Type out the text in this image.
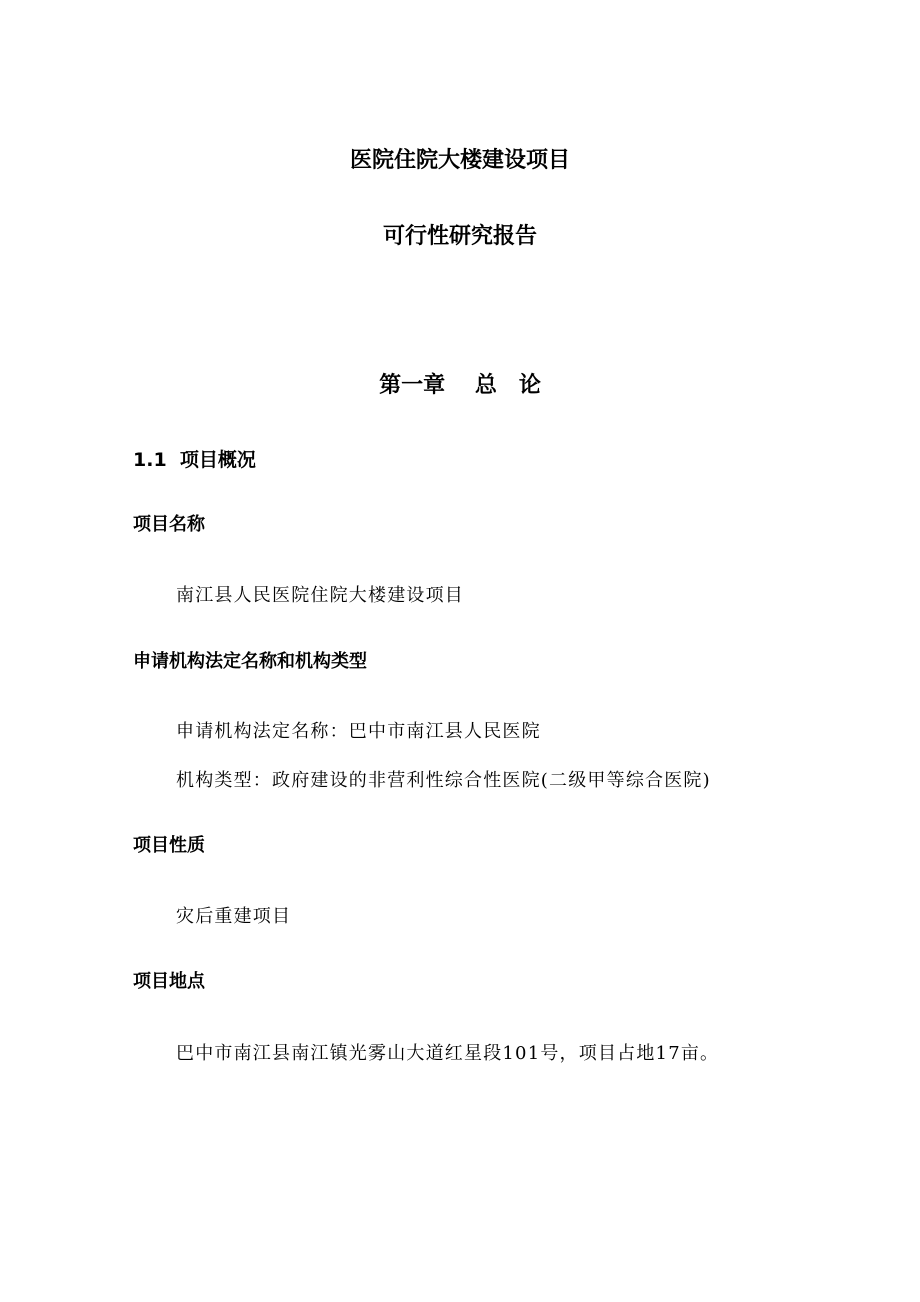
医院住院大楼建设项目
可行性研究报告
第一章　 总　论
1.1  项目概况
项目名称
南江县人民医院住院大楼建设项目
申请机构法定名称和机构类型
申请机构法定名称：巴中市南江县人民医院
机构类型：政府建设的非营利性综合性医院(二级甲等综合医院)
项目性质
灾后重建项目
项目地点
巴中市南江县南江镇光雾山大道红星段101号，项目占地17亩。
